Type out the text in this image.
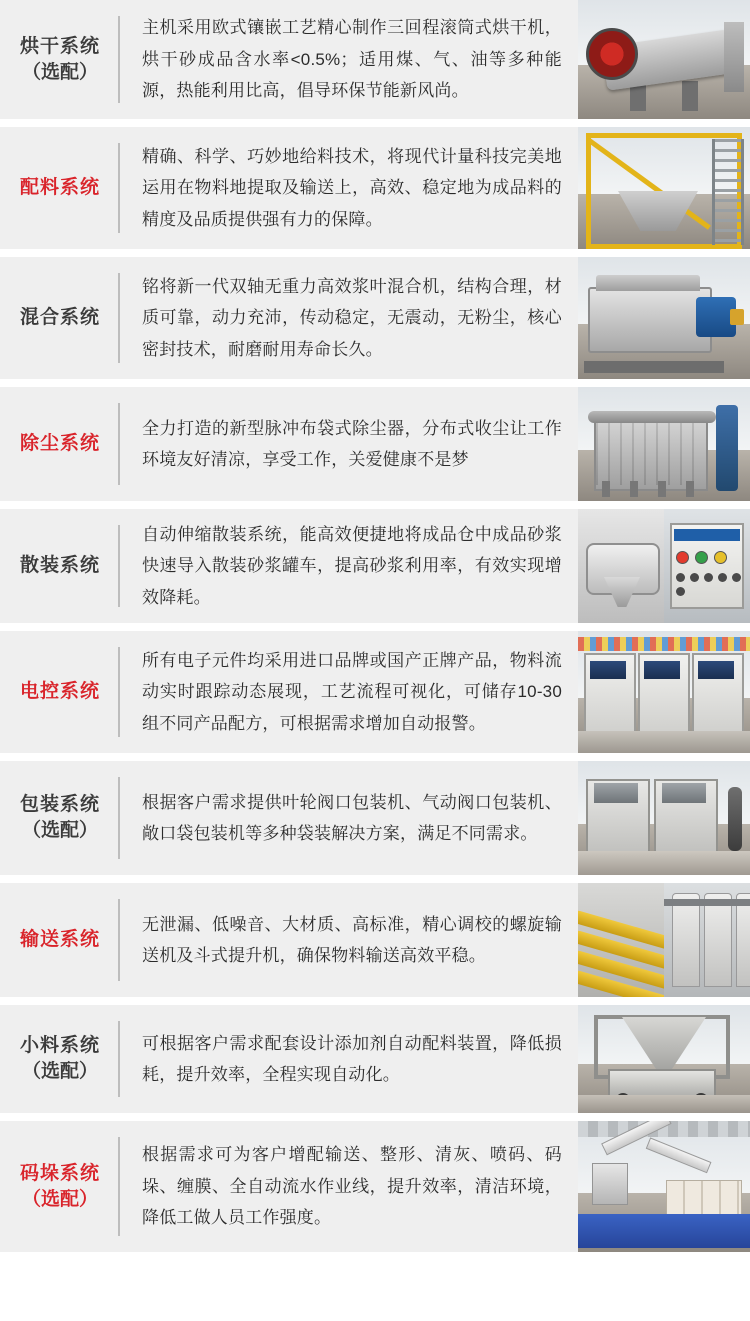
烘干系统
（选配）
主机采用欧式镶嵌工艺精心制作三回程滚筒式烘干机，烘干砂成品含水率<0.5%；适用煤、气、油等多种能源，热能利用比高，倡导环保节能新风尚。
配料系统
精确、科学、巧妙地给料技术，将现代计量科技完美地运用在物料地提取及输送上，高效、稳定地为成品料的精度及品质提供强有力的保障。
混合系统
铭将新一代双轴无重力高效浆叶混合机，结构合理，材质可靠，动力充沛，传动稳定，无震动，无粉尘，核心密封技术，耐磨耐用寿命长久。
除尘系统
全力打造的新型脉冲布袋式除尘器，分布式收尘让工作环境友好清凉，享受工作，关爱健康不是梦
散装系统
自动伸缩散装系统，能高效便捷地将成品仓中成品砂浆快速导入散装砂浆罐车，提高砂浆利用率，有效实现增效降耗。
电控系统
所有电子元件均采用进口品牌或国产正牌产品，物料流动实时跟踪动态展现，工艺流程可视化，可储存10-30组不同产品配方，可根据需求增加自动报警。
包装系统
（选配）
根据客户需求提供叶轮阀口包装机、气动阀口包装机、敞口袋包装机等多种袋装解决方案，满足不同需求。
输送系统
无泄漏、低噪音、大材质、高标准，精心调校的螺旋输送机及斗式提升机，确保物料输送高效平稳。
小料系统
（选配）
可根据客户需求配套设计添加剂自动配料装置，降低损耗，提升效率，全程实现自动化。
码垛系统
（选配）
根据需求可为客户增配输送、整形、清灰、喷码、码垛、缠膜、全自动流水作业线，提升效率，清洁环境，降低工做人员工作强度。
